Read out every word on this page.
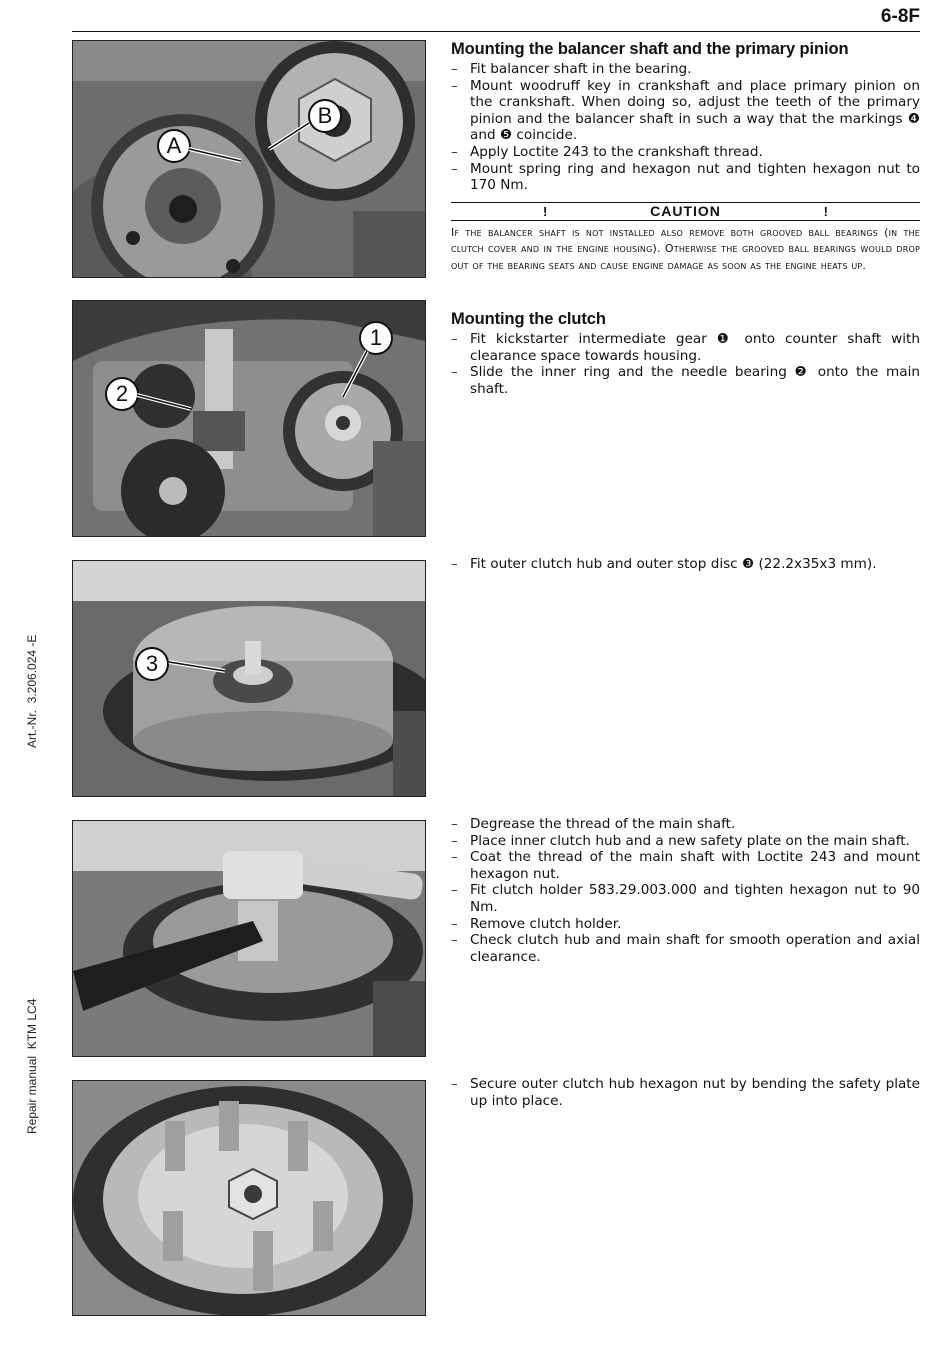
6-8F
Art.-Nr.  3.206.024 -E
Repair manual  KTM LC4
A
B
1
2
3
Mounting the balancer shaft and the primary pinion
– Fit balancer shaft in the bearing.
– Mount woodruff key in crankshaft and place primary pinion on the crankshaft. When doing so, adjust the teeth of the primary pinion and the balancer shaft in such a way that the markings ❹ and ❺ coincide.
– Apply Loctite 243 to the crankshaft thread.
– Mount spring ring and hexagon nut and tighten hexagon nut to 170 Nm.
CAUTION
!	!
If the balancer shaft is not installed also remove both grooved ball bearings (in the clutch cover and in the engine housing). Otherwise the grooved ball bearings would drop out of the bearing seats and cause engine damage as soon as the engine heats up.
Mounting the clutch
– Fit kickstarter intermediate gear ❶ onto counter shaft with clearance space towards housing.
– Slide the inner ring and the needle bearing ❷ onto the main shaft.
– Fit outer clutch hub and outer stop disc ❸ (22.2x35x3 mm).
– Degrease the thread of the main shaft.
– Place inner clutch hub and a new safety plate on the main shaft.
– Coat the thread of the main shaft with Loctite 243 and mount hexagon nut.
– Fit clutch holder 583.29.003.000 and tighten hexagon nut to 90 Nm.
– Remove clutch holder.
– Check clutch hub and main shaft for smooth operation and axial clearance.
– Secure outer clutch hub hexagon nut by bending the safety plate up into place.
